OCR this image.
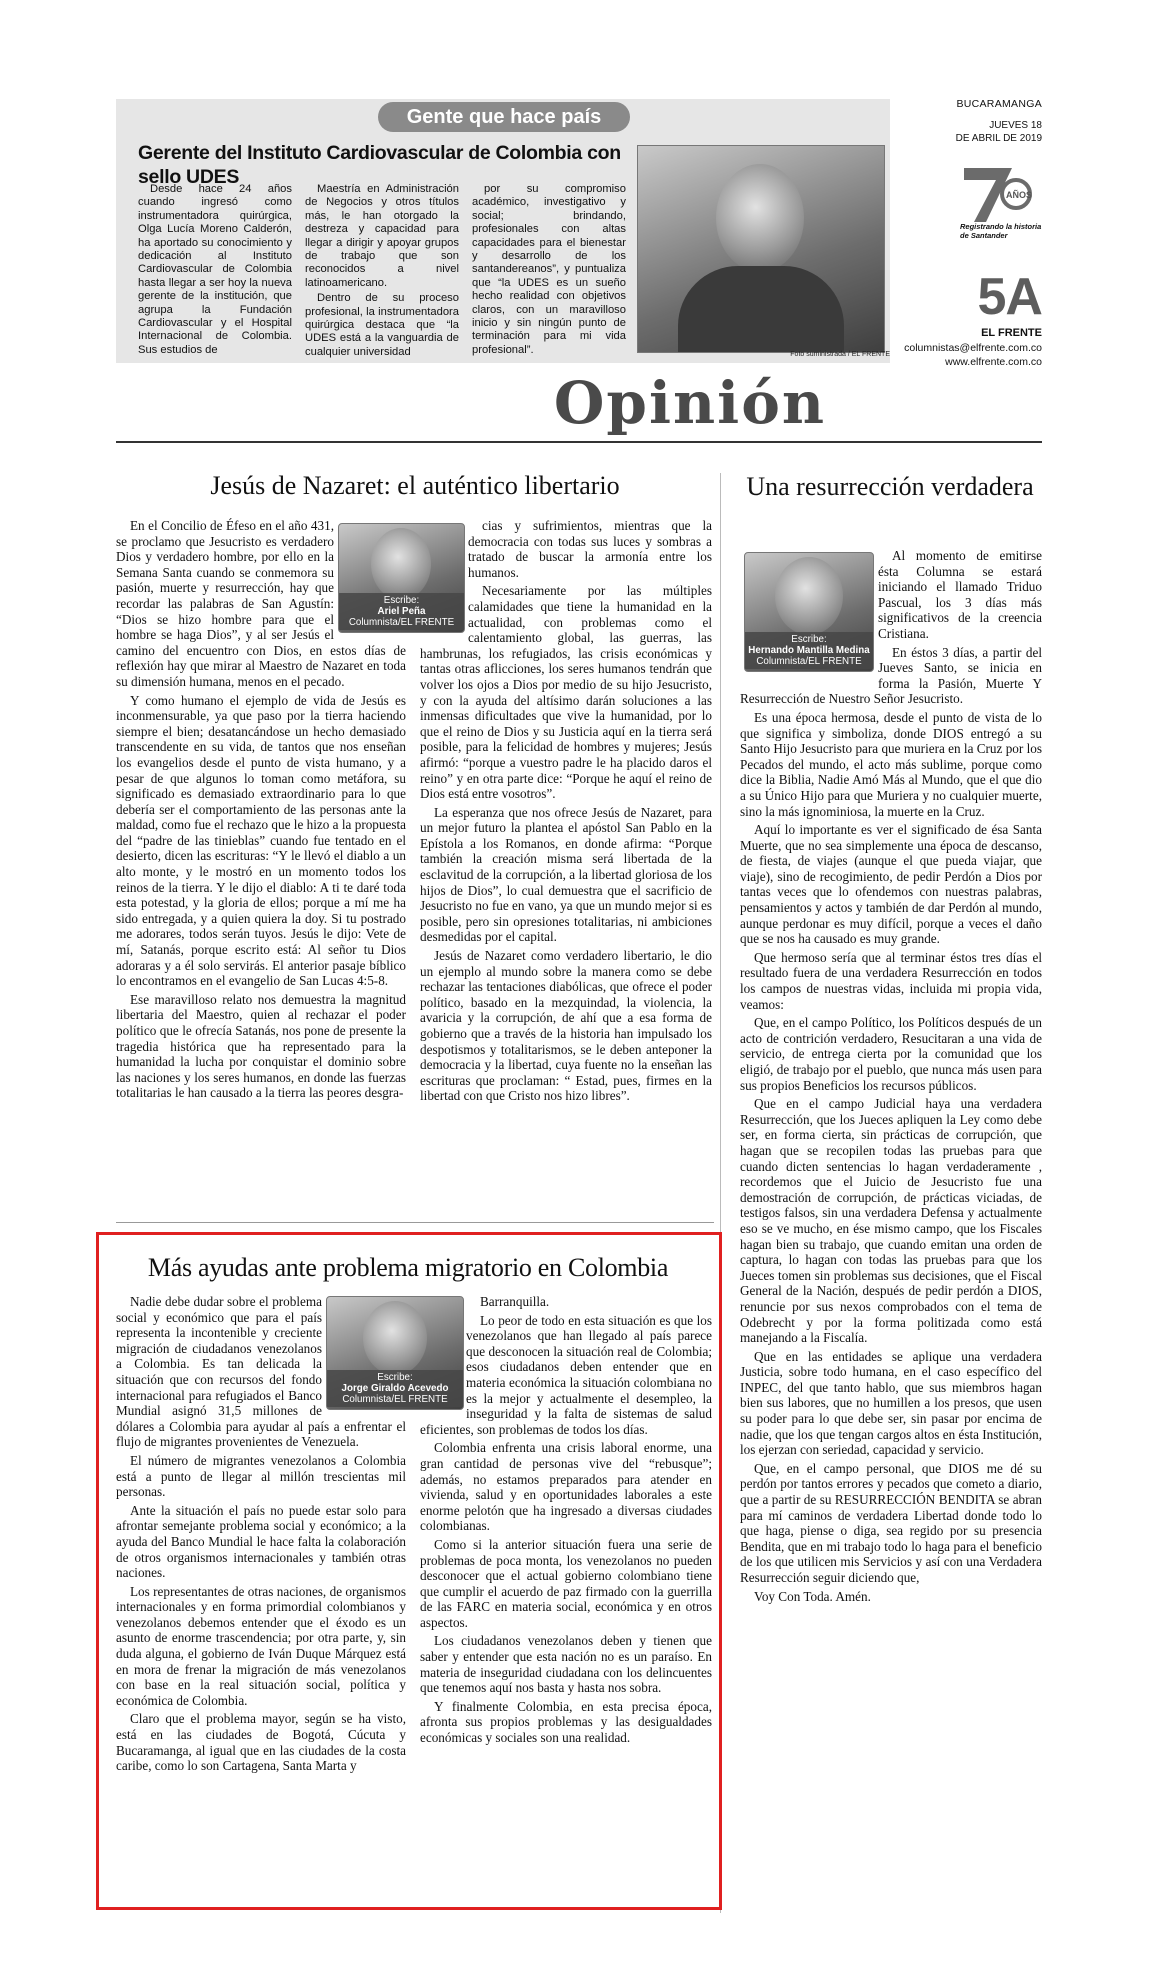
Gente que hace país
Gerente del Instituto Cardiovascular de Colombia con sello UDES

Desde hace 24 años cuando ingresó como instrumentadora quirúrgica, Olga Lucía Moreno Calderón, ha aportado su conocimiento y dedicación al Instituto Cardiovascular de Colombia hasta llegar a ser hoy la nueva gerente de la institución, que agrupa la Fundación Cardiovascular y el Hospital Internacional de Colombia. Sus estudios de

Maestría en Administración de Negocios y otros títulos más, le han otorgado la destreza y capacidad para llegar a dirigir y apoyar grupos de trabajo que son reconocidos a nivel latinoamericano.

Dentro de su proceso profesional, la instrumentadora quirúrgica destaca que “la UDES está a la vanguardia de cualquier universidad

por su compromiso académico, investigativo y social; brindando, profesionales con altas capacidades para el bienestar y desarrollo de los santandereanos”, y puntualiza que “la UDES es un sueño hecho realidad con objetivos claros, con un maravilloso inicio y sin ningún punto de terminación para mi vida profesional”.	Foto suministrada / EL FRENTE
BUCARAMANGA
JUEVES 18
DE ABRIL DE 2019
AÑOS
Registrando la historia
de Santander
5A
EL FRENTE
columnistas@elfrente.com.co
www.elfrente.com.co
Opinión
Jesús de Nazaret: el auténtico libertario
Escribe:
Ariel Peña
Columnista/EL FRENTE

En el Concilio de Éfeso en el año 431, se proclamo que Jesucristo es verdadero Dios y verdadero hombre, por ello en la Semana Santa cuando se conmemora su pasión, muerte y resurrección, hay que recordar las palabras de San Agustín: “Dios se hizo hombre para que el hombre se haga Dios”, y al ser Jesús el camino del encuentro con Dios, en estos días de reflexión hay que mirar al Maestro de Nazaret en toda su dimensión humana, menos en el pecado.

Y como humano el ejemplo de vida de Jesús es inconmensurable, ya que paso por la tierra haciendo siempre el bien; desatancándose un hecho demasiado transcendente en su vida, de tantos que nos enseñan los evangelios desde el punto de vista humano, y a pesar de que algunos lo toman como metáfora, su significado es demasiado extraordinario para lo que debería ser el comportamiento de las personas ante la maldad, como fue el rechazo que le hizo a la propuesta del “padre de las tinieblas” cuando fue tentado en el desierto, dicen las escrituras: “Y le llevó el diablo a un alto monte, y le mostró en un momento todos los reinos de la tierra. Y le dijo el diablo: A ti te daré toda esta potestad, y la gloria de ellos; porque a mí me ha sido entregada, y a quien quiera la doy. Si tu postrado me adorares, todos serán tuyos. Jesús le dijo: Vete de mí, Satanás, porque escrito está: Al señor tu Dios adoraras y a él solo servirás. El anterior pasaje bíblico lo encontramos en el evangelio de San Lucas 4:5-8.

Ese maravilloso relato nos demuestra la magnitud libertaria del Maestro, quien al rechazar el poder político que le ofrecía Satanás, nos pone de presente la tragedia histórica que ha representado para la humanidad la lucha por conquistar el dominio sobre las naciones y los seres humanos, en donde las fuerzas totalitarias le han causado a la tierra las peores desgra-

cias y sufrimientos, mientras que la democracia con todas sus luces y sombras a tratado de buscar la armonía entre los humanos.

Necesariamente por las múltiples calamidades que tiene la humanidad en la actualidad, con problemas como el calentamiento global, las guerras, las hambrunas, los refugiados, las crisis económicas y tantas otras aflicciones, los seres humanos tendrán que volver los ojos a Dios por medio de su hijo Jesucristo, y con la ayuda del altísimo darán soluciones a las inmensas dificultades que vive la humanidad, por lo que el reino de Dios y su Justicia aquí en la tierra será posible, para la felicidad de hombres y mujeres; Jesús afirmó: “porque a vuestro padre le ha placido daros el reino” y en otra parte dice: “Porque he aquí el reino de Dios está entre vosotros”.

La esperanza que nos ofrece Jesús de Nazaret, para un mejor futuro la plantea el apóstol San Pablo en la Epístola a los Romanos, en donde afirma: “Porque también la creación misma será libertada de la esclavitud de la corrupción, a la libertad gloriosa de los hijos de Dios”, lo cual demuestra que el sacrificio de Jesucristo no fue en vano, ya que un mundo mejor si es posible, pero sin opresiones totalitarias, ni ambiciones desmedidas por el capital.

Jesús de Nazaret como verdadero libertario, le dio un ejemplo al mundo sobre la manera como se debe rechazar las tentaciones diabólicas, que ofrece el poder político, basado en la mezquindad, la violencia, la avaricia y la corrupción, de ahí que a esa forma de gobierno que a través de la historia han impulsado los despotismos y totalitarismos, se le deben anteponer la democracia y la libertad, cuya fuente no la enseñan las escrituras que proclaman: “ Estad, pues, firmes en la libertad con que Cristo nos hizo libres”.

Más ayudas ante problema migratorio en Colombia
Escribe:
Jorge Giraldo Acevedo
Columnista/EL FRENTE

Nadie debe dudar sobre el problema social y económico que para el país representa la incontenible y creciente migración de ciudadanos venezolanos a Colombia. Es tan delicada la situación que con recursos del fondo internacional para refugiados el Banco Mundial asignó 31,5 millones de dólares a Colombia para ayudar al país a enfrentar el flujo de migrantes provenientes de Venezuela.

El número de migrantes venezolanos a Colombia está a punto de llegar al millón trescientas mil personas.

Ante la situación el país no puede estar solo para afrontar semejante problema social y económico; a la ayuda del Banco Mundial le hace falta la colaboración de otros organismos internacionales y también otras naciones.

Los representantes de otras naciones, de organismos internacionales y en forma primordial colombianos y venezolanos debemos entender que el éxodo es un asunto de enorme trascendencia; por otra parte, y, sin duda alguna, el gobierno de Iván Duque Márquez está en mora de frenar la migración de más venezolanos con base en la real situación social, política y económica de Colombia.

Claro que el problema mayor, según se ha visto, está en las ciudades de Bogotá, Cúcuta y Bucaramanga, al igual que en las ciudades de la costa caribe, como lo son Cartagena, Santa Marta y

Barranquilla.

Lo peor de todo en esta situación es que los venezolanos que han llegado al país parece que desconocen la situación real de Colombia; esos ciudadanos deben entender que en materia económica la situación colombiana no es la mejor y actualmente el desempleo, la inseguridad y la falta de sistemas de salud eficientes, son problemas de todos los días.

Colombia enfrenta una crisis laboral enorme, una gran cantidad de personas vive del “rebusque”; además, no estamos preparados para atender en vivienda, salud y en oportunidades laborales a este enorme pelotón que ha ingresado a diversas ciudades colombianas.

Como si la anterior situación fuera una serie de problemas de poca monta, los venezolanos no pueden desconocer que el actual gobierno colombiano tiene que cumplir el acuerdo de paz firmado con la guerrilla de las FARC en materia social, económica y en otros aspectos.

Los ciudadanos venezolanos deben y tienen que saber y entender que esta nación no es un paraíso. En materia de inseguridad ciudadana con los delincuentes que tenemos aquí nos basta y hasta nos sobra.

Y finalmente Colombia, en esta precisa época, afronta sus propios problemas y las desigualdades económicas y sociales son una realidad.

Una resurrección verdadera
Escribe:
Hernando Mantilla Medina
Columnista/EL FRENTE

Al momento de emitirse ésta Columna se estará iniciando el llamado Triduo Pascual, los 3 días más significativos de la creencia Cristiana.

En éstos 3 días, a partir del Jueves Santo, se inicia en forma la Pasión, Muerte Y Resurrección de Nuestro Señor Jesucristo.

Es una época hermosa, desde el punto de vista de lo que significa y simboliza, donde DIOS entregó a su Santo Hijo Jesucristo para que muriera en la Cruz por los Pecados del mundo, el acto más sublime, porque como dice la Biblia, Nadie Amó Más al Mundo, que el que dio a su Único Hijo para que Muriera y no cualquier muerte, sino la más ignominiosa, la muerte en la Cruz.

Aquí lo importante es ver el significado de ésa Santa Muerte, que no sea simplemente una época de descanso, de fiesta, de viajes (aunque el que pueda viajar, que viaje), sino de recogimiento, de pedir Perdón a Dios por tantas veces que lo ofendemos con nuestras palabras, pensamientos y actos y también de dar Perdón al mundo, aunque perdonar es muy difícil, porque a veces el daño que se nos ha causado es muy grande.

Que hermoso sería que al terminar éstos tres días el resultado fuera de una verdadera Resurrección en todos los campos de nuestras vidas, incluida mi propia vida, veamos:

Que, en el campo Político, los Políticos después de un acto de contrición verdadero, Resucitaran a una vida de servicio, de entrega cierta por la comunidad que los eligió, de trabajo por el pueblo, que nunca más usen para sus propios Beneficios los recursos públicos.

Que en el campo Judicial haya una verdadera Resurrección, que los Jueces apliquen la Ley como debe ser, en forma cierta, sin prácticas de corrupción, que hagan que se recopilen todas las pruebas para que cuando dicten sentencias lo hagan verdaderamente , recordemos que el Juicio de Jesucristo fue una demostración de corrupción, de prácticas viciadas, de testigos falsos, sin una verdadera Defensa y actualmente eso se ve mucho, en ése mismo campo, que los Fiscales hagan bien su trabajo, que cuando emitan una orden de captura, lo hagan con todas las pruebas para que los Jueces tomen sin problemas sus decisiones, que el Fiscal General de la Nación, después de pedir perdón a DIOS, renuncie por sus nexos comprobados con el tema de Odebrecht y por la forma politizada como está manejando a la Fiscalía.

Que en las entidades se aplique una verdadera Justicia, sobre todo humana, en el caso específico del INPEC, del que tanto hablo, que sus miembros hagan bien sus labores, que no humillen a los presos, que usen su poder para lo que debe ser, sin pasar por encima de nadie, que los que tengan cargos altos en ésta Institución, los ejerzan con seriedad, capacidad y servicio.

Que, en el campo personal, que DIOS me dé su perdón por tantos errores y pecados que cometo a diario, que a partir de su RESURRECCIÓN BENDITA se abran para mí caminos de verdadera Libertad donde todo lo que haga, piense o diga, sea regido por su presencia Bendita, que en mi trabajo todo lo haga para el beneficio de los que utilicen mis Servicios y así con una Verdadera Resurrección seguir diciendo que,

Voy Con Toda. Amén.
